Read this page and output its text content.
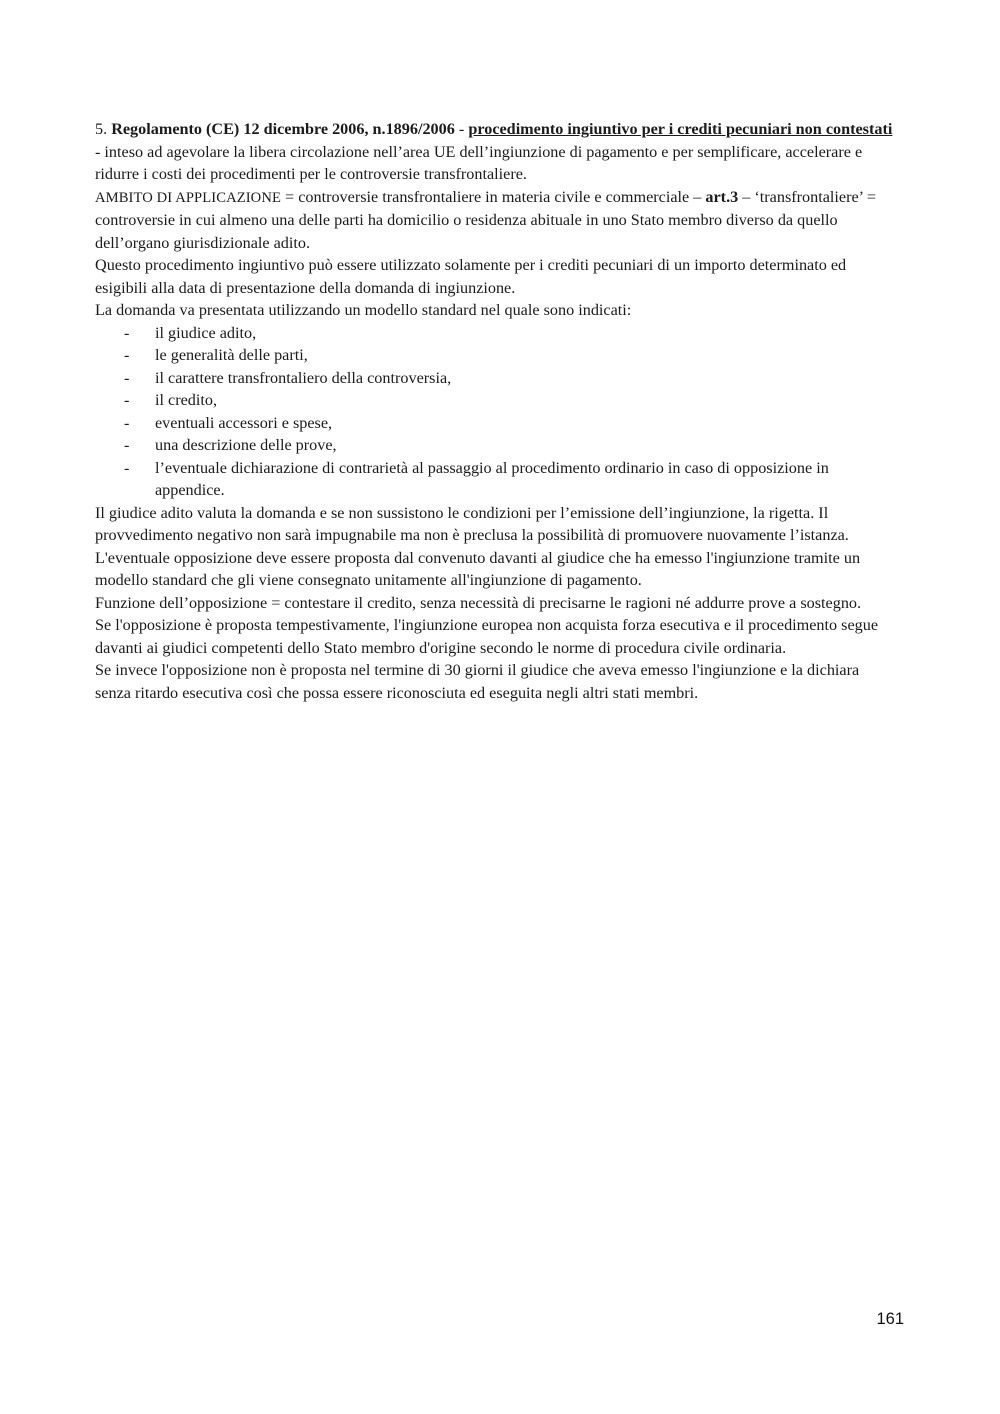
5. Regolamento (CE) 12 dicembre 2006, n.1896/2006 - procedimento ingiuntivo per i crediti pecuniari non contestati - inteso ad agevolare la libera circolazione nell’area UE dell’ingiunzione di pagamento e per semplificare, accelerare e ridurre i costi dei procedimenti per le controversie transfrontaliere.

AMBITO DI APPLICAZIONE = controversie transfrontaliere in materia civile e commerciale – art.3 – ‘transfrontaliere’ = controversie in cui almeno una delle parti ha domicilio o residenza abituale in uno Stato membro diverso da quello dell’organo giurisdizionale adito.

Questo procedimento ingiuntivo può essere utilizzato solamente per i crediti pecuniari di un importo determinato ed esigibili alla data di presentazione della domanda di ingiunzione.

La domanda va presentata utilizzando un modello standard nel quale sono indicati:

- il giudice adito,
- le generalità delle parti,
- il carattere transfrontaliero della controversia,
- il credito,
- eventuali accessori e spese,
- una descrizione delle prove,
- l’eventuale dichiarazione di contrarietà al passaggio al procedimento ordinario in caso di opposizione in appendice.

Il giudice adito valuta la domanda e se non sussistono le condizioni per l’emissione dell’ingiunzione, la rigetta. Il provvedimento negativo non sarà impugnabile ma non è preclusa la possibilità di promuovere nuovamente l’istanza.

L'eventuale opposizione deve essere proposta dal convenuto davanti al giudice che ha emesso l'ingiunzione tramite un modello standard che gli viene consegnato unitamente all'ingiunzione di pagamento.

Funzione dell’opposizione = contestare il credito, senza necessità di precisarne le ragioni né addurre prove a sostegno.

Se l'opposizione è proposta tempestivamente, l'ingiunzione europea non acquista forza esecutiva e il procedimento segue davanti ai giudici competenti dello Stato membro d'origine secondo le norme di procedura civile ordinaria.

Se invece l'opposizione non è proposta nel termine di 30 giorni il giudice che aveva emesso l'ingiunzione e la dichiara senza ritardo esecutiva così che possa essere riconosciuta ed eseguita negli altri stati membri.

161
